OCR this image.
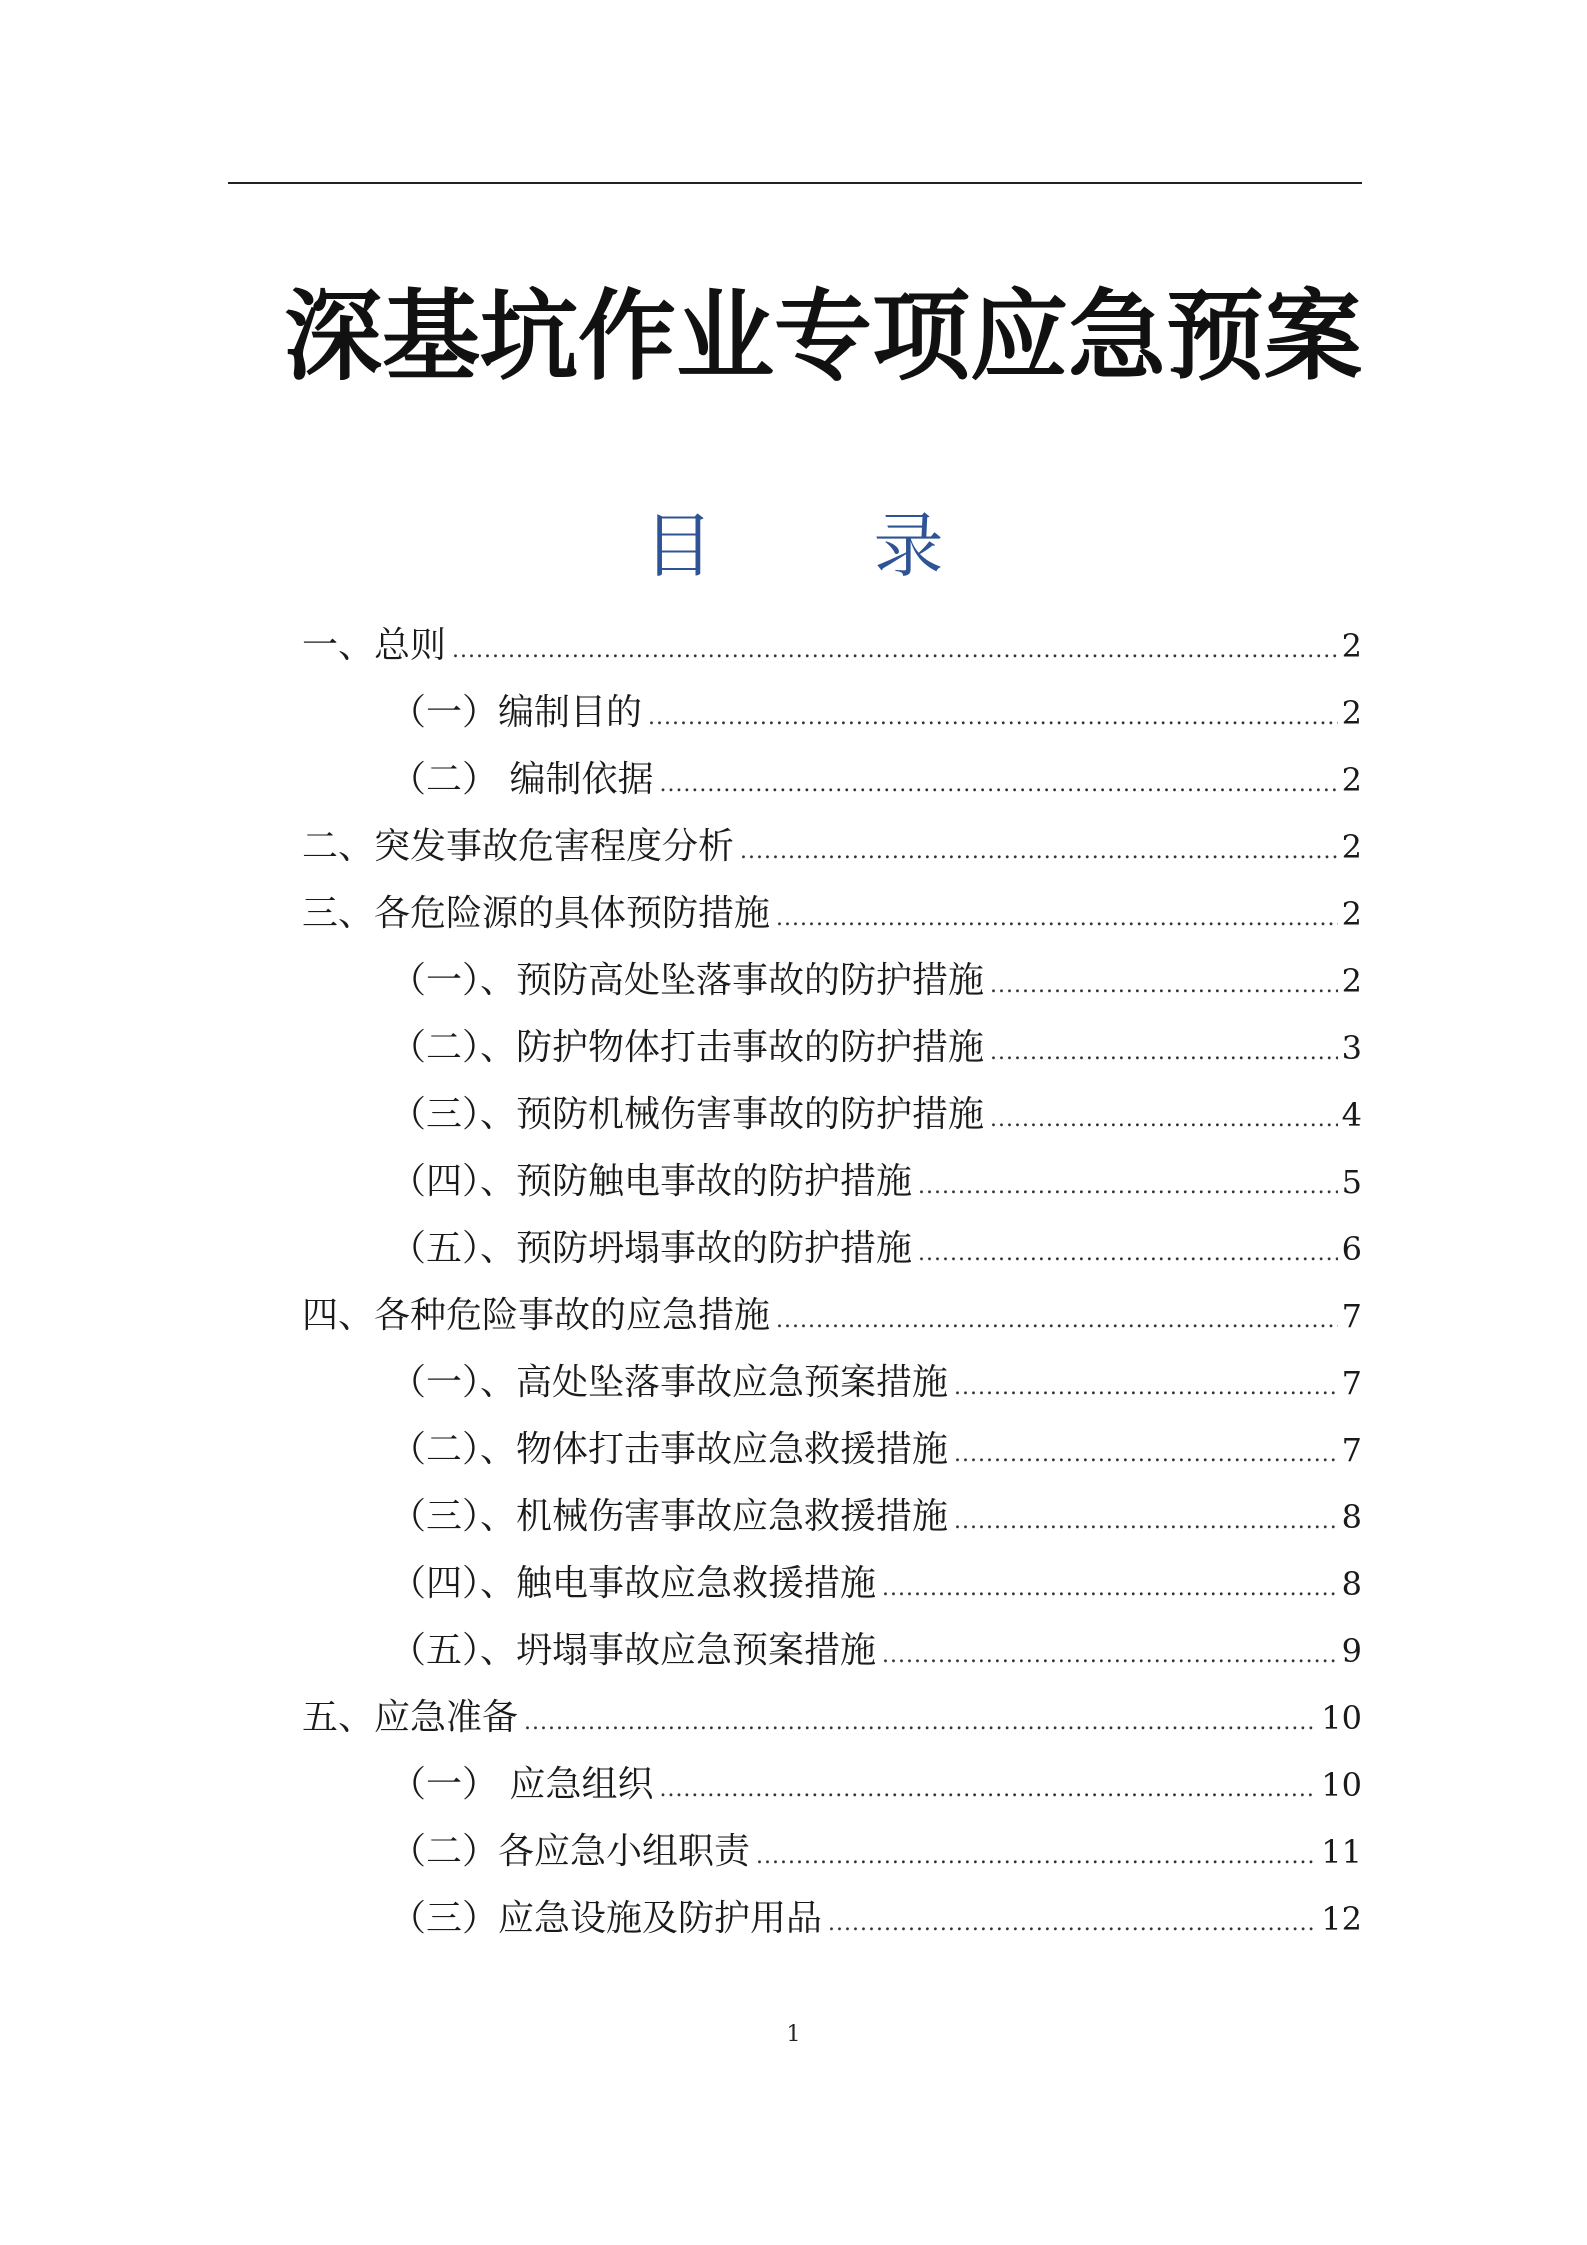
深基坑作业专项应急预案
目 录
一、总则 .....	2
（一）编制目的 .....	2
（二） 编制依据 .....	2
二、突发事故危害程度分析 .....	2
三、各危险源的具体预防措施 .....	2
（一）、预防高处坠落事故的防护措施 .....	2
（二）、防护物体打击事故的防护措施 .....	3
（三）、预防机械伤害事故的防护措施 .....	4
（四）、预防触电事故的防护措施 .....	5
（五）、预防坍塌事故的防护措施 .....	6
四、各种危险事故的应急措施 .....	7
（一）、高处坠落事故应急预案措施 .....	7
（二）、物体打击事故应急救援措施 .....	7
（三）、机械伤害事故应急救援措施 .....	8
（四）、触电事故应急救援措施 .....	8
（五）、坍塌事故应急预案措施 .....	9
五、应急准备 .....	10
（一） 应急组织 .....	10
（二）各应急小组职责 .....	11
（三）应急设施及防护用品 .....	12
1
